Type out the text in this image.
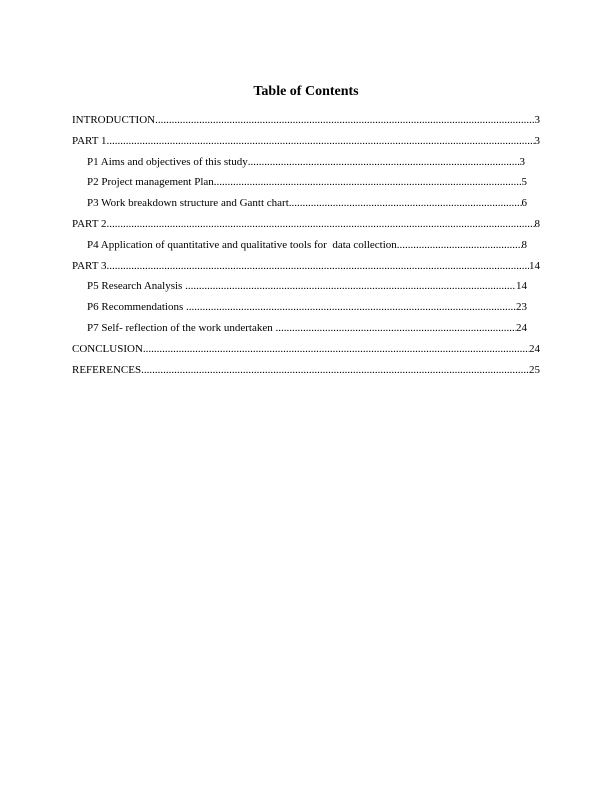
Table of Contents
INTRODUCTION .....	3
PART 1 .....	3
P1 Aims and objectives of this study .....	3
P2 Project management Plan .....	5
P3 Work breakdown structure and Gantt chart .....	6
PART 2 .....	8
P4 Application of quantitative and qualitative tools for  data collection .....	8
PART 3 .....	14
P5 Research Analysis .....	14
P6 Recommendations .....	23
P7 Self- reflection of the work undertaken .....	24
CONCLUSION .....	24
REFERENCES .....	25
